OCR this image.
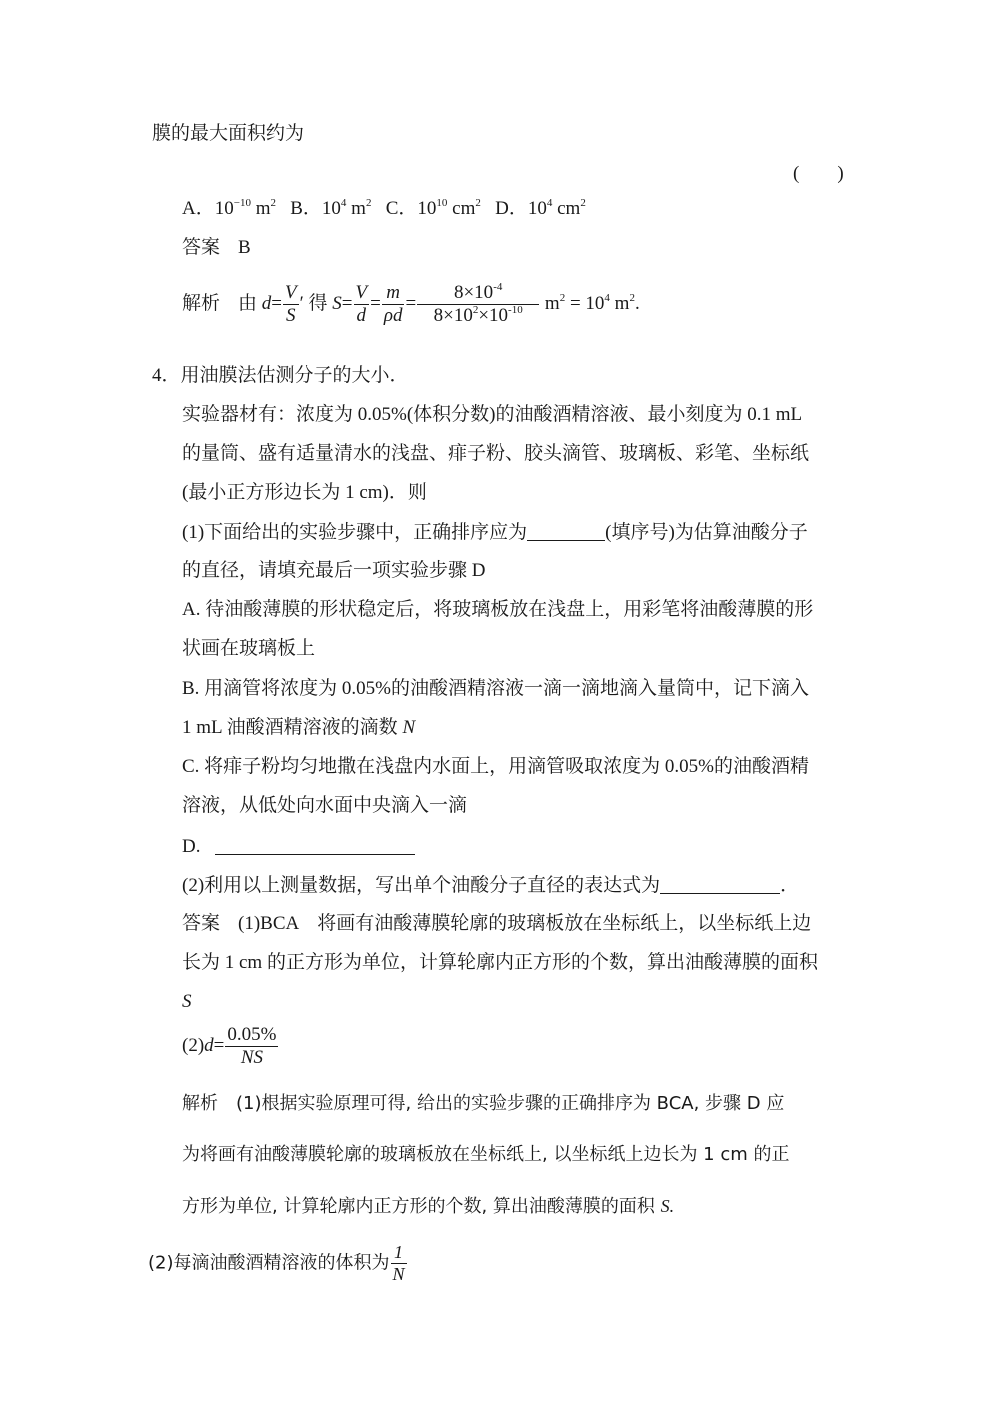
膜的最大面积约为
(　　)
A．$10^{-10}$ $m^2$ B．$10^4$ $m^2$ C．$10^{10}$ $cm^2$ D．$10^4$ $cm^2$
答案 B
解析 由 $d= \frac{V}{S}$ ′ 得 $S= \frac{V}{d} = \frac{m}{\rho d} = \frac{8\times 10^{-4}}{8\times 10^2\times 10^{-10}} m^2 = 10^4$ $m^2$.
4．用油膜法估测分子的大小．
实验器材有：浓度为 0.05%(体积分数)的油酸酒精溶液、最小刻度为 0.1 mL
的量筒、盛有适量清水的浅盘、痱子粉、胶头滴管、玻璃板、彩笔、坐标纸
(最小正方形边长为 1 cm)．则
(1)下面给出的实验步骤中，正确排序应为	(填序号)为估算油酸分子
的直径，请填充最后一项实验步骤 D
A. 待油酸薄膜的形状稳定后，将玻璃板放在浅盘上，用彩笔将油酸薄膜的形
状画在玻璃板上
B. 用滴管将浓度为 0.05%的油酸酒精溶液一滴一滴地滴入量筒中，记下滴入
1 mL 油酸酒精溶液的滴数 N
C. 将痱子粉均匀地撒在浅盘内水面上，用滴管吸取浓度为 0.05%的油酸酒精
溶液，从低处向水面中央滴入一滴
D.
(2)利用以上测量数据，写出单个油酸分子直径的表达式为	．
答案 (1)BCA　将画有油酸薄膜轮廓的玻璃板放在坐标纸上，以坐标纸上边
长为 1 cm 的正方形为单位，计算轮廓内正方形的个数，算出油酸薄膜的面积
S
$(2)d= \frac{0.05\%}{NS}$
解析 (1)根据实验原理可得, 给出的实验步骤的正确排序为 BCA, 步骤 D 应
为将画有油酸薄膜轮廓的玻璃板放在坐标纸上, 以坐标纸上边长为 1 cm 的正
方形为单位, 计算轮廓内正方形的个数, 算出油酸薄膜的面积 S.
(2)每滴油酸酒精溶液的体积为 $\frac{1}{N}$
